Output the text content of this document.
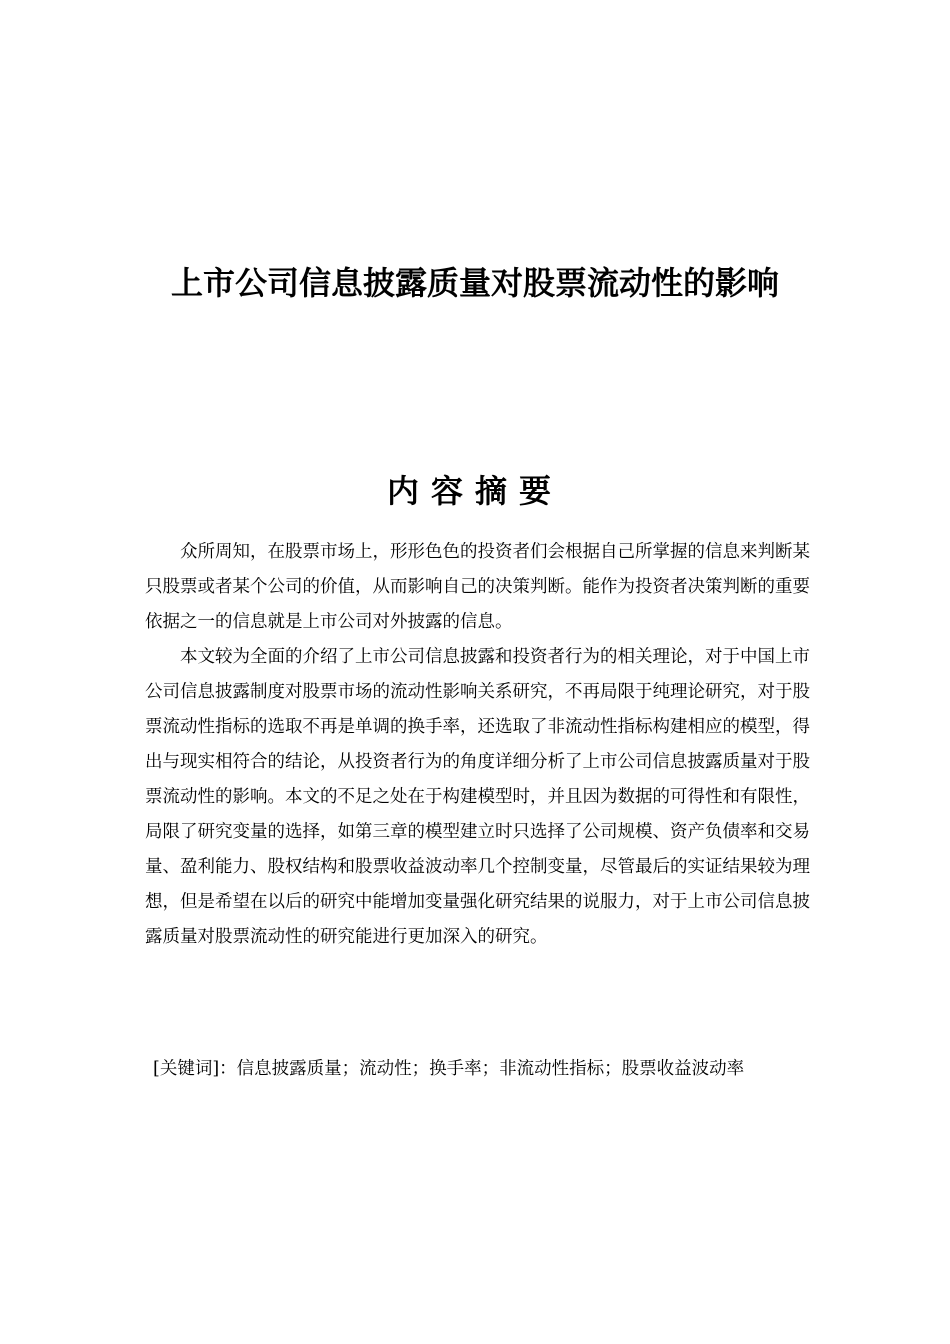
上市公司信息披露质量对股票流动性的影响
内容摘要

众所周知，在股票市场上，形形色色的投资者们会根据自己所掌握的信息来判断某只股票或者某个公司的价值，从而影响自己的决策判断。能作为投资者决策判断的重要依据之一的信息就是上市公司对外披露的信息。

本文较为全面的介绍了上市公司信息披露和投资者行为的相关理论，对于中国上市公司信息披露制度对股票市场的流动性影响关系研究，不再局限于纯理论研究，对于股票流动性指标的选取不再是单调的换手率，还选取了非流动性指标构建相应的模型，得出与现实相符合的结论，从投资者行为的角度详细分析了上市公司信息披露质量对于股票流动性的影响。本文的不足之处在于构建模型时，并且因为数据的可得性和有限性，局限了研究变量的选择，如第三章的模型建立时只选择了公司规模、资产负债率和交易量、盈利能力、股权结构和股票收益波动率几个控制变量，尽管最后的实证结果较为理想，但是希望在以后的研究中能增加变量强化研究结果的说服力，对于上市公司信息披露质量对股票流动性的研究能进行更加深入的研究。

[关键词]：信息披露质量；流动性；换手率；非流动性指标；股票收益波动率
